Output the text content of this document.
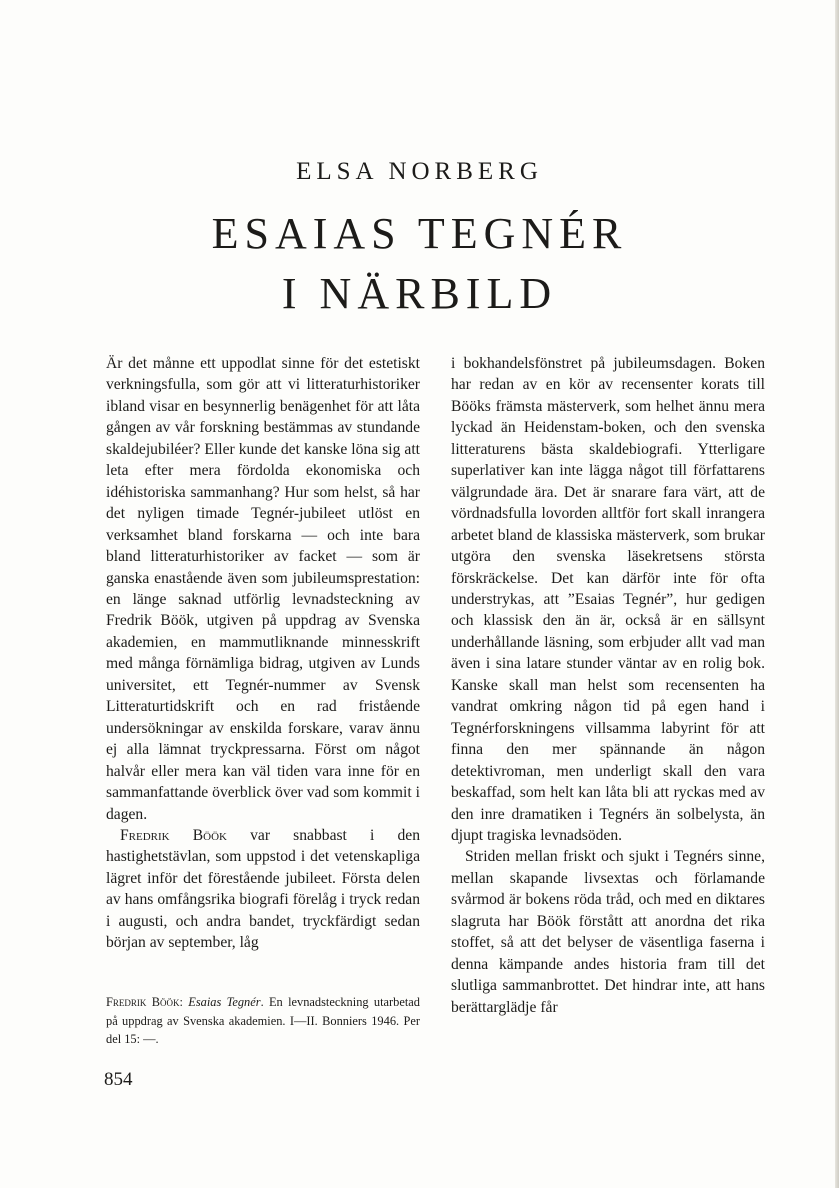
ELSA NORBERG
ESAIAS TEGNÉR
I NÄRBILD

Är det månne ett uppodlat sinne för det estetiskt verkningsfulla, som gör att vi litteraturhistoriker ibland visar en besynnerlig benägenhet för att låta gången av vår forskning bestämmas av stundande skaldejubiléer? Eller kunde det kanske löna sig att leta efter mera fördolda ekonomiska och idéhistoriska sammanhang? Hur som helst, så har det nyligen timade Tegnér-jubileet utlöst en verksamhet bland forskarna — och inte bara bland litteraturhistoriker av facket — som är ganska enastående även som jubileumsprestation: en länge saknad utförlig levnadsteckning av Fredrik Böök, utgiven på uppdrag av Svenska akademien, en mammutliknande minnesskrift med många förnämliga bidrag, utgiven av Lunds universitet, ett Tegnér-nummer av Svensk Litteraturtidskrift och en rad fristående undersökningar av enskilda forskare, varav ännu ej alla lämnat tryckpressarna. Först om något halvår eller mera kan väl tiden vara inne för en sammanfattande överblick över vad som kommit i dagen.

Fredrik Böök var snabbast i den hastighetstävlan, som uppstod i det vetenskapliga lägret inför det förestående jubileet. Första delen av hans omfångsrika biografi förelåg i tryck redan i augusti, och andra bandet, tryckfärdigt sedan början av september, låg

i bokhandelsfönstret på jubileumsdagen. Boken har redan av en kör av recensenter korats till Bööks främsta mästerverk, som helhet ännu mera lyckad än Heidenstam-boken, och den svenska litteraturens bästa skaldebiografi. Ytterligare superlativer kan inte lägga något till författarens välgrundade ära. Det är snarare fara värt, att de vördnadsfulla lovorden alltför fort skall inrangera arbetet bland de klassiska mästerverk, som brukar utgöra den svenska läsekretsens största förskräckelse. Det kan därför inte för ofta understrykas, att ”Esaias Tegnér”, hur gedigen och klassisk den än är, också är en sällsynt underhållande läsning, som erbjuder allt vad man även i sina latare stunder väntar av en rolig bok. Kanske skall man helst som recensenten ha vandrat omkring någon tid på egen hand i Tegnérforskningens villsamma labyrint för att finna den mer spännande än någon detektivroman, men underligt skall den vara beskaffad, som helt kan låta bli att ryckas med av den inre dramatiken i Tegnérs än solbelysta, än djupt tragiska levnadsöden.

Striden mellan friskt och sjukt i Tegnérs sinne, mellan skapande livsextas och förlamande svårmod är bokens röda tråd, och med en diktares slagruta har Böök förstått att anordna det rika stoffet, så att det belyser de väsentliga faserna i denna kämpande andes historia fram till det slutliga sammanbrottet. Det hindrar inte, att hans berättarglädje får

Fredrik Böök: Esaias Tegnér. En levnadsteckning utarbetad på uppdrag av Svenska akademien. I—II. Bonniers 1946. Per del 15: —.
854
